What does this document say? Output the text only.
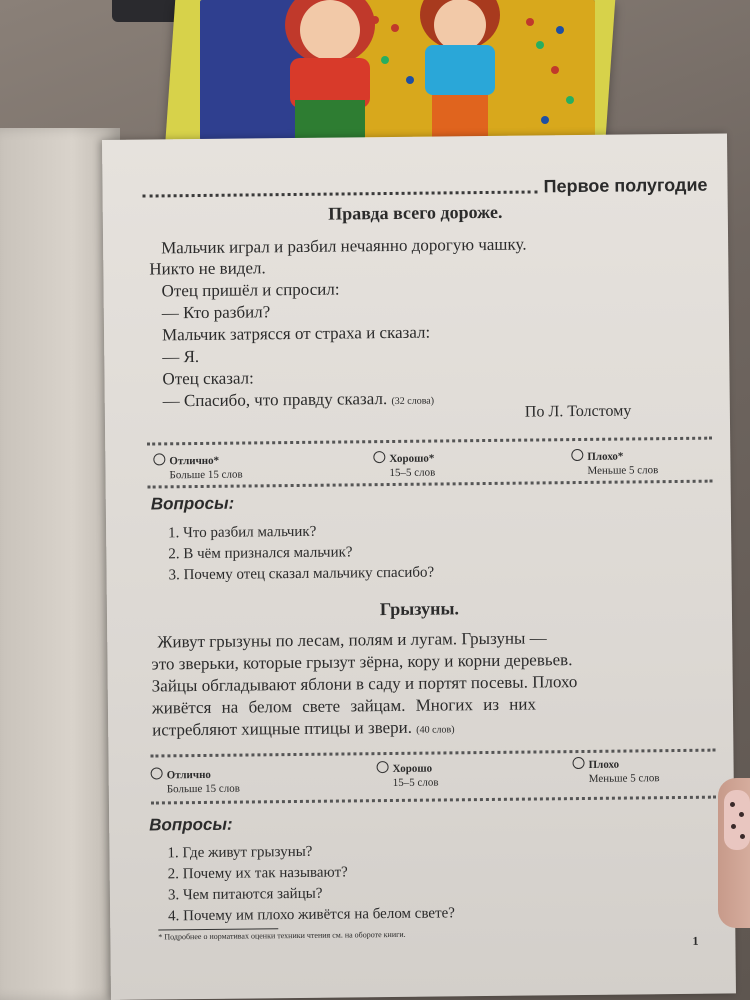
Первое полугодие
Правда всего дороже.
Мальчик играл и разбил нечаянно дорогую чашку.
Никто не видел.
Отец пришёл и спросил:
— Кто разбил?
Мальчик затрясся от страха и сказал:
— Я.
Отец сказал:
— Спасибо, что правду сказал. (32 слова)
По Л. Толстому
Отлично*
Больше 15 слов
Хорошо*
15–5 слов
Плохо*
Меньше 5 слов
Вопросы:
1. Что разбил мальчик?
2. В чём признался мальчик?
3. Почему отец сказал мальчику спасибо?
Грызуны.
Живут грызуны по лесам, полям и лугам. Грызуны —
это зверьки, которые грызут зёрна, кору и корни деревьев.
Зайцы обгладывают яблони в саду и портят посевы. Плохо
живётся на белом свете зайцам. Многих из них
истребляют хищные птицы и звери. (40 слов)
Отлично
Больше 15 слов
Хорошо
15–5 слов
Плохо
Меньше 5 слов
Вопросы:
1. Где живут грызуны?
2. Почему их так называют?
3. Чем питаются зайцы?
4. Почему им плохо живётся на белом свете?
* Подробнее о нормативах оценки техники чтения см. на обороте книги.	1
